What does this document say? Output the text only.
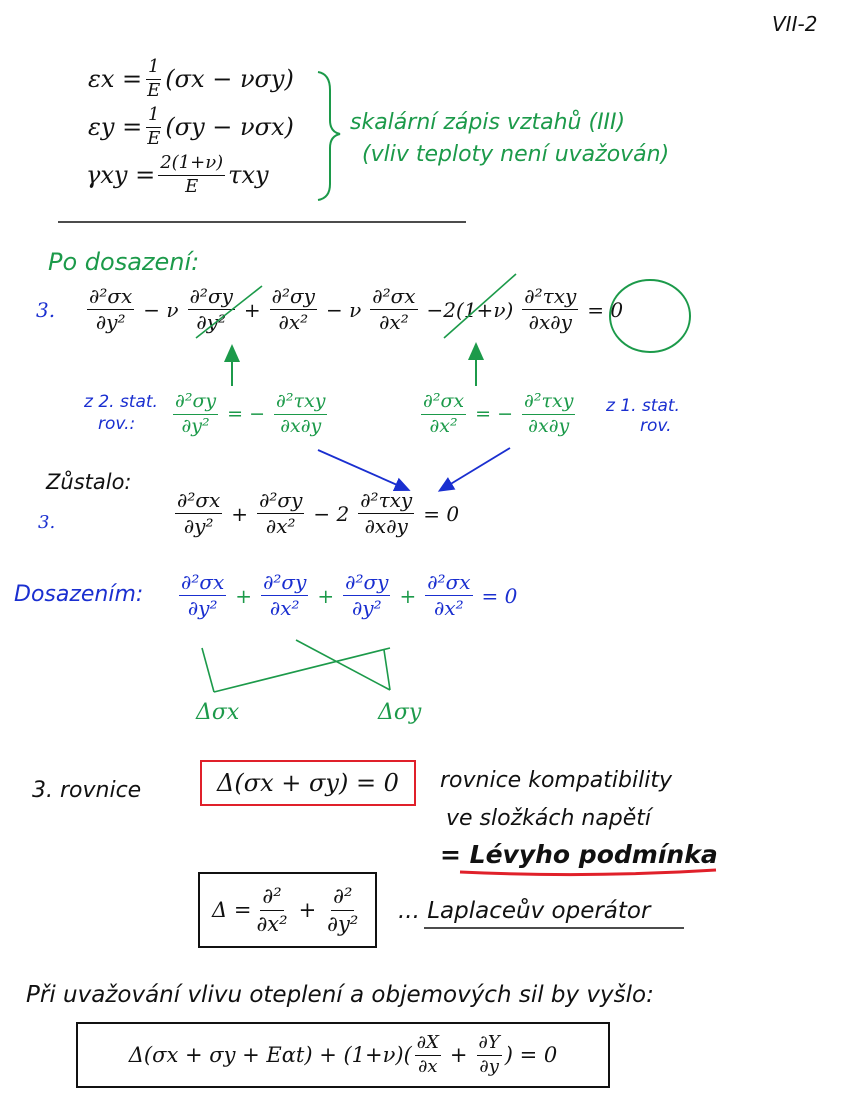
VII-2
$\varepsilon x = \frac{1}{E} (\sigma x - \nu\sigma y)$
$\varepsilon y = \frac{1}{E} (\sigma y - \nu\sigma x)$
$\gamma xy = \frac{2(1+\nu)}{E}$ τxy
skalární zápis vztahů (III)
(vliv teploty není uvažován)
Po dosazení:
3. $\frac{\text{∂²σx}}{\text{∂y²}} - \nu \frac{\text{∂²σy}}{\text{∂y²}} + \frac{\text{∂²σy}}{\text{∂x²}} - \nu \frac{\text{∂²σx}}{\text{∂x²}} -2(1+\nu) \frac{\text{∂²τxy}}{\partial x\partial y} = 0$
z 2. stat.
rov.: $\frac{\text{∂²σy}}{\text{∂y²}}$ = − $\frac{\text{∂²τxy}}{\partial x\partial y}$	$\frac{\text{∂²σx}}{\text{∂x²}}$ = − $\frac{\text{∂²τxy}}{\partial x\partial y}$ z 1. stat.
rov.
Zůstalo:
3.	$\frac{\text{∂²σx}}{\text{∂y²}} + \frac{\text{∂²σy}}{\text{∂x²}} - 2 \frac{\text{∂²τxy}}{\partial x\partial y} = 0$
Dosazením: $\frac{\text{∂²σx}}{\text{∂y²}} + \frac{\text{∂²σy}}{\text{∂x²}} + \frac{\text{∂²σy}}{\text{∂y²}} + \frac{\text{∂²σx}}{\text{∂x²}} = 0$
Δσx	Δσy
3. rovnice	Δ(σx + σy) = 0 rovnice kompatibility
ve složkách napětí
= Lévyho podmínka
$\Delta = \frac{\text{∂²}}{\text{∂x²}} + \frac{\text{∂²}}{\text{∂y²}}$ ... Laplaceův operátor
Při uvažování vlivu oteplení a objemových sil by vyšlo:
$\Delta(\sigma x + \sigma y + E\alpha t) + (1+\nu)( \frac{\partial X}{\partial x} + \frac{\partial Y}{\partial y}$ ) = 0
